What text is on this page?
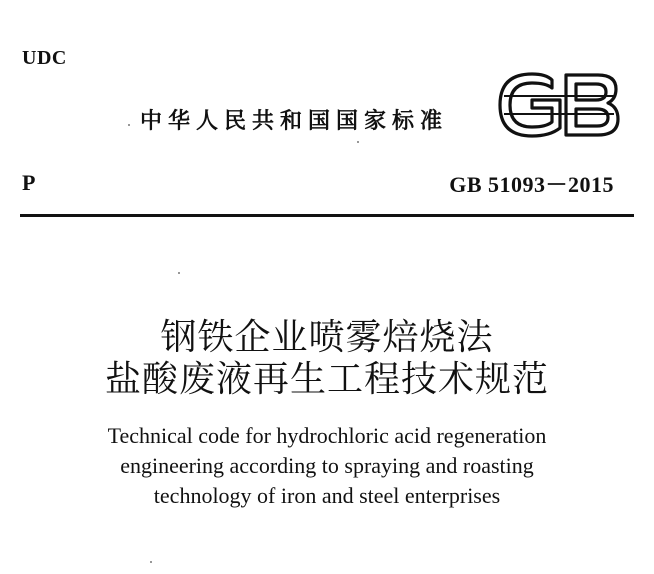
UDC
中华人民共和国国家标准
P	GB 51093－2015
钢铁企业喷雾焙烧法
盐酸废液再生工程技术规范
Technical code for hydrochloric acid regeneration
engineering according to spraying and roasting
technology of iron and steel enterprises
